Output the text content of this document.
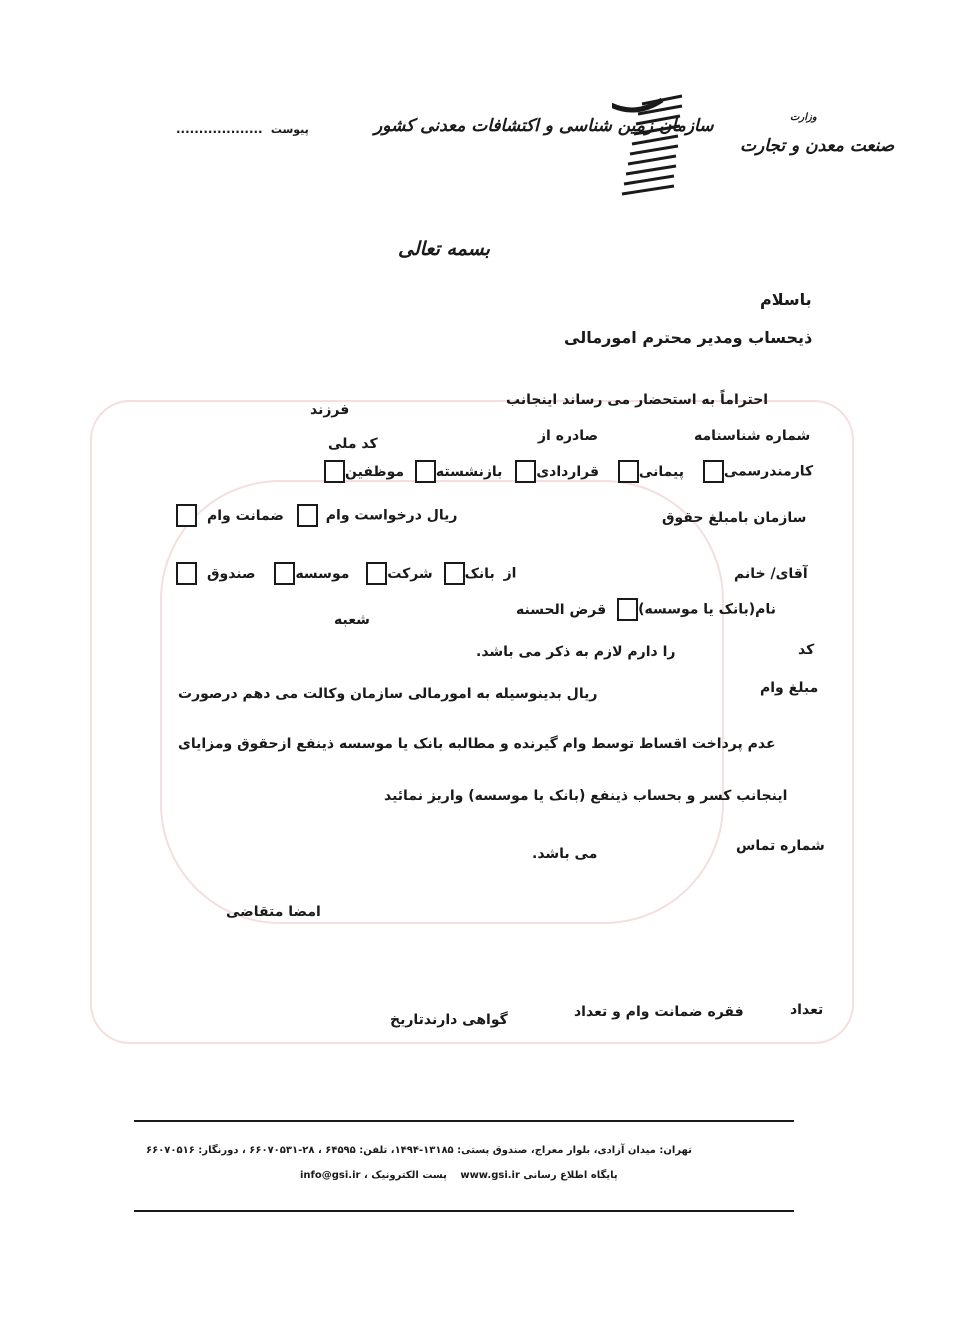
وزارت
صنعت معدن و تجارت
سازمان زمین شناسی و اکتشافات معدنی کشور
................... پیوست
بسمه تعالی
باسلام
ذیحساب ومدیر محترم امورمالی
احتراماً به استحضار می رساند اینجانب
فرزند
شماره شناسنامه
صادره از
کد ملی
کارمندرسمی پیمانی قراردادی بازنشسته موظفین
سازمان بامبلغ حقوق
ریال درخواست وام ضمانت وام
آقای/ خانم
از بانک شرکت موسسه صندوق
نام(بانک یا موسسه) قرض الحسنه
شعبه
کد
را دارم لازم به ذکر می باشد.
مبلغ وام
ریال بدینوسیله به امورمالی سازمان وکالت می دهم درصورت
عدم پرداخت اقساط توسط وام گیرنده و مطالبه بانک یا موسسه ذینفع ازحقوق ومزایای
اینجانب کسر و بحساب ذینفع (بانک یا موسسه) واریز نمائید
شماره تماس
می باشد.
امضا متقاضی
تعداد
فقره ضمانت وام و تعداد
گواهی دارندتاریخ
تهران: میدان آزادی، بلوار معراج، صندوق پستی: ۱۳۱۸۵-۱۴۹۴، تلفن: ۶۴۵۹۵ ، ۲۸-۶۶۰۷۰۵۳۱ ، دورنگار: ۶۶۰۷۰۵۱۶
info@gsi.ir ، پست الکترونیک www.gsi.ir پایگاه اطلاع رسانی
